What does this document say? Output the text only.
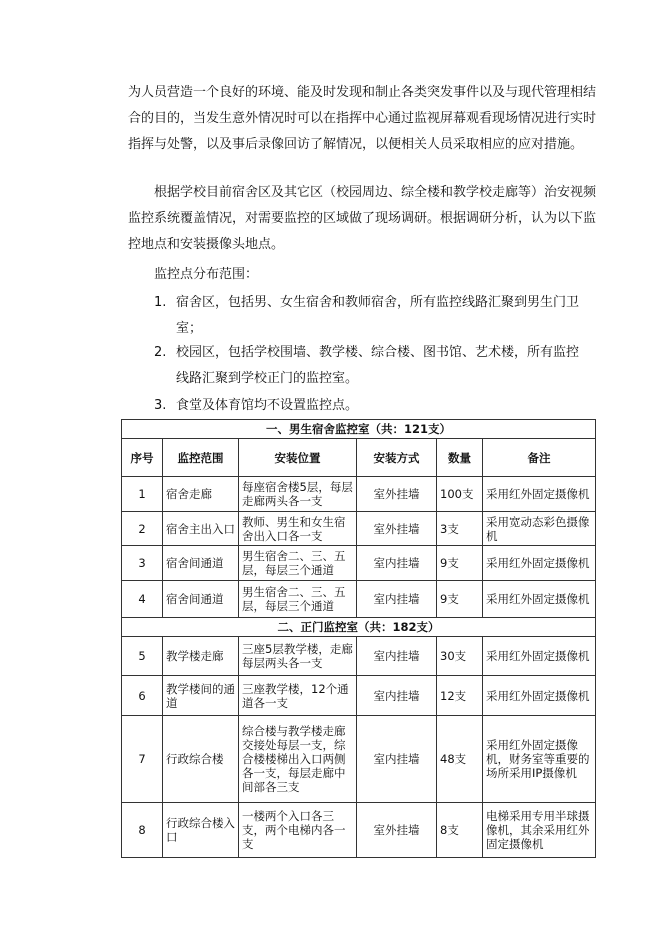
为人员营造一个良好的环境、能及时发现和制止各类突发事件以及与现代管理相结合的目的，当发生意外情况时可以在指挥中心通过监视屏幕观看现场情况进行实时指挥与处警，以及事后录像回访了解情况，以便相关人员采取相应的应对措施。

根据学校目前宿舍区及其它区（校园周边、综全楼和教学校走廊等）治安视频监控系统覆盖情况，对需要监控的区域做了现场调研。根据调研分析，认为以下监控地点和安装摄像头地点。

监控点分布范围：

1. 宿舍区，包括男、女生宿舍和教师宿舍，所有监控线路汇聚到男生门卫室；
2. 校园区，包括学校围墙、教学楼、综合楼、图书馆、艺术楼，所有监控线路汇聚到学校正门的监控室。
3. 食堂及体育馆均不设置监控点。
一、男生宿舍监控室（共：121支）					
序号	监控范围	安装位置	安装方式	数量	备注
1	宿舍走廊	每座宿舍楼5层，每层走廊两头各一支	室外挂墙	100支	采用红外固定摄像机
2	宿舍主出入口	教师、男生和女生宿舍出入口各一支	室外挂墙	3支	采用宽动态彩色摄像机
3	宿舍间通道	男生宿舍二、三、五层，每层三个通道	室内挂墙	9支	采用红外固定摄像机
4	宿舍间通道	男生宿舍二、三、五层，每层三个通道	室内挂墙	9支	采用红外固定摄像机
二、正门监控室（共：182支）					
5	教学楼走廊	三座5层教学楼，走廊每层两头各一支	室内挂墙	30支	采用红外固定摄像机
6	教学楼间的通道	三座教学楼，12个通道各一支	室内挂墙	12支	采用红外固定摄像机
7	行政综合楼	综合楼与教学楼走廊交接处每层一支，综合楼楼梯出入口两侧各一支，每层走廊中间部各三支	室内挂墙	48支	采用红外固定摄像机，财务室等重要的场所采用IP摄像机
8	行政综合楼入口	一楼两个入口各三支，两个电梯内各一支	室外挂墙	8支	电梯采用专用半球摄像机，其余采用红外固定摄像机
